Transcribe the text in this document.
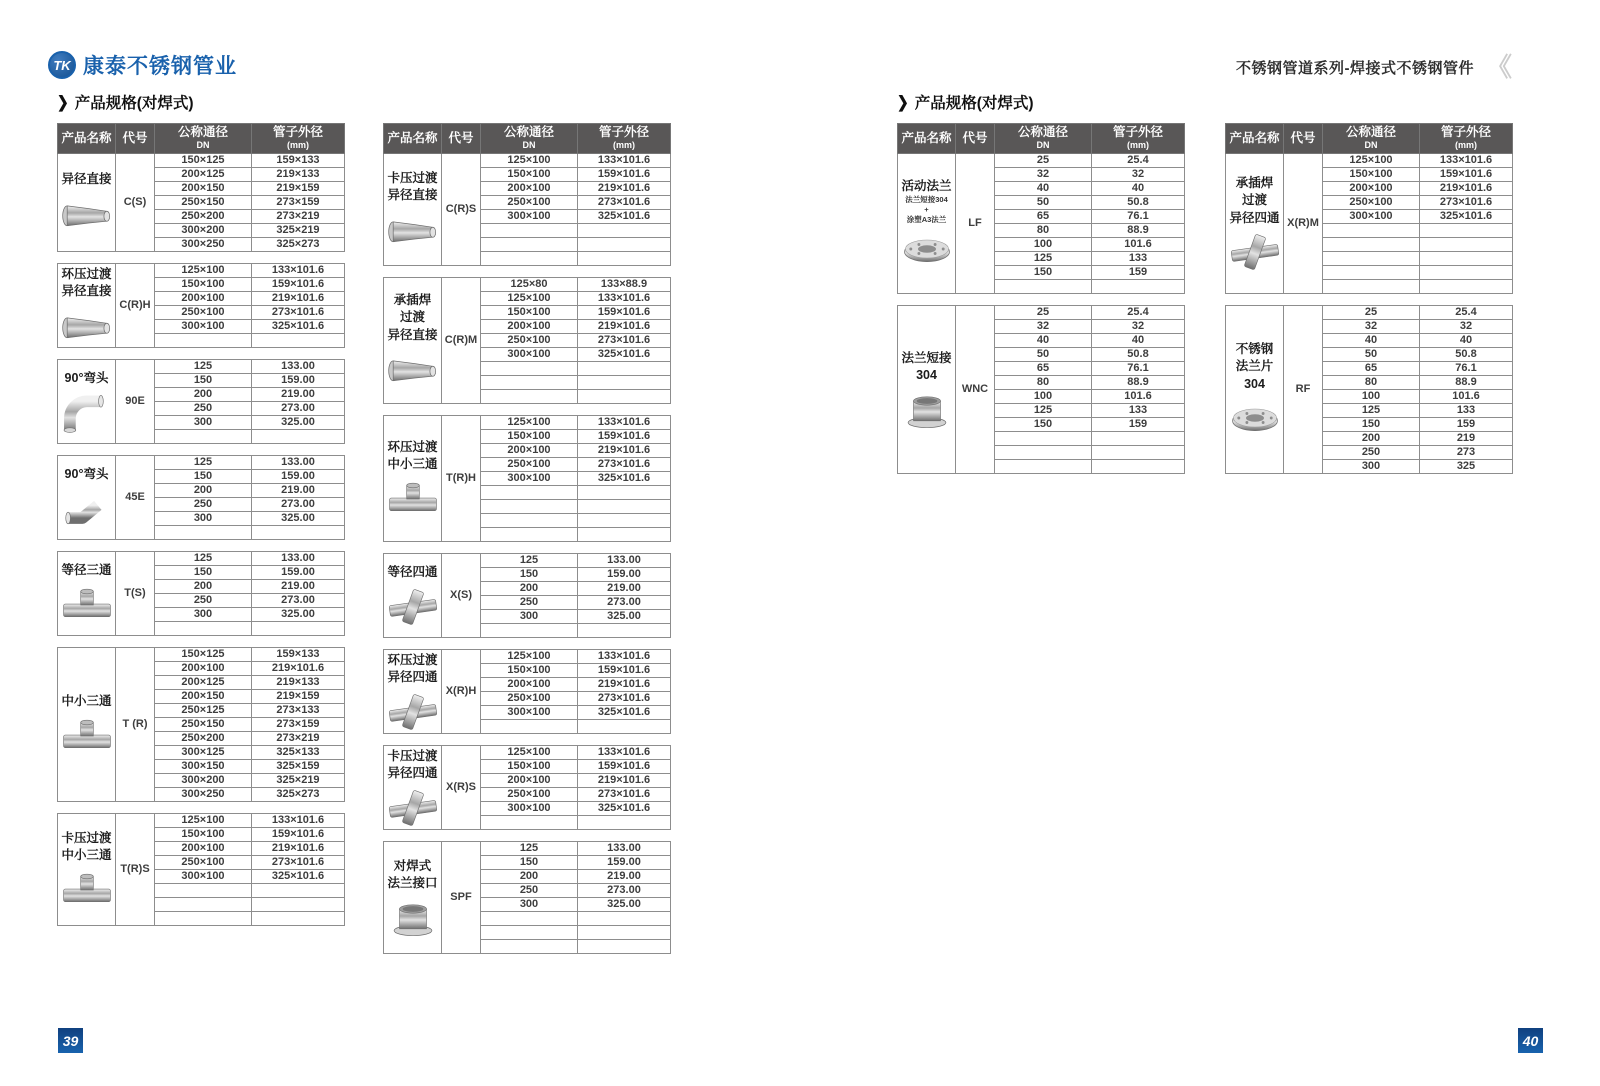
TK 康泰不锈钢管业	不锈钢管道系列-焊接式不锈钢管件 《
❯ 产品规格(对焊式)	❯ 产品规格(对焊式)
产品名称	代号	公称通径
DN	管子外径
(mm)

异径直接	C(S)	150×125	159×133
		200×125	219×133
		200×150	219×159
		250×150	273×159
		250×200	273×219
		300×200	325×219
		300×250	325×273
环压过渡
异径直接	C(R)H	125×100	133×101.6
		150×100	159×101.6
		200×100	219×101.6
		250×100	273×101.6
		300×100	325×101.6

90°弯头	90E	125	133.00
		150	159.00
		200	219.00
		250	273.00
		300	325.00

90°弯头	45E	125	133.00
		150	159.00
		200	219.00
		250	273.00
		300	325.00

等径三通	T(S)	125	133.00
		150	159.00
		200	219.00
		250	273.00
		300	325.00

中小三通	T (R)	150×125	159×133
		200×100	219×101.6
		200×125	219×133
		200×150	219×159
		250×125	273×133
		250×150	273×159
		250×200	273×219
		300×125	325×133
		300×150	325×159
		300×200	325×219
		300×250	325×273
卡压过渡
中小三通	T(R)S	125×100	133×101.6
		150×100	159×101.6
		200×100	219×101.6
		250×100	273×101.6
		300×100	325×101.6

产品名称	代号	公称通径
DN	管子外径
(mm)

卡压过渡
异径直接	C(R)S	125×100	133×101.6
		150×100	159×101.6
		200×100	219×101.6
		250×100	273×101.6
		300×100	325×101.6

承插焊
过渡
异径直接	C(R)M	125×80	133×88.9
		125×100	133×101.6
		150×100	159×101.6
		200×100	219×101.6
		250×100	273×101.6
		300×100	325×101.6

环压过渡
中小三通	T(R)H	125×100	133×101.6
		150×100	159×101.6
		200×100	219×101.6
		250×100	273×101.6
		300×100	325×101.6

等径四通	X(S)	125	133.00
		150	159.00
		200	219.00
		250	273.00
		300	325.00

环压过渡
异径四通	X(R)H	125×100	133×101.6
		150×100	159×101.6
		200×100	219×101.6
		250×100	273×101.6
		300×100	325×101.6

卡压过渡
异径四通	X(R)S	125×100	133×101.6
		150×100	159×101.6
		200×100	219×101.6
		250×100	273×101.6
		300×100	325×101.6

对焊式
法兰接口	SPF	125	133.00
		150	159.00
		200	219.00
		250	273.00
		300	325.00

产品名称	代号	公称通径
DN	管子外径
(mm)

活动法兰
法兰短接304
+
涂塑A3法兰	LF	25	25.4
		32	32
		40	40
		50	50.8
		65	76.1
		80	88.9
		100	101.6
		125	133
		150	159

法兰短接
304	WNC	25	25.4
		32	32
		40	40
		50	50.8
		65	76.1
		80	88.9
		100	101.6
		125	133
		150	159

产品名称	代号	公称通径
DN	管子外径
(mm)

承插焊
过渡
异径四通	X(R)M	125×100	133×101.6
		150×100	159×101.6
		200×100	219×101.6
		250×100	273×101.6
		300×100	325×101.6

不锈钢
法兰片304	RF	25	25.4
		32	32
		40	40
		50	50.8
		65	76.1
		80	88.9
		100	101.6
		125	133
		150	159
		200	219
		250	273
		300	325
39	40
